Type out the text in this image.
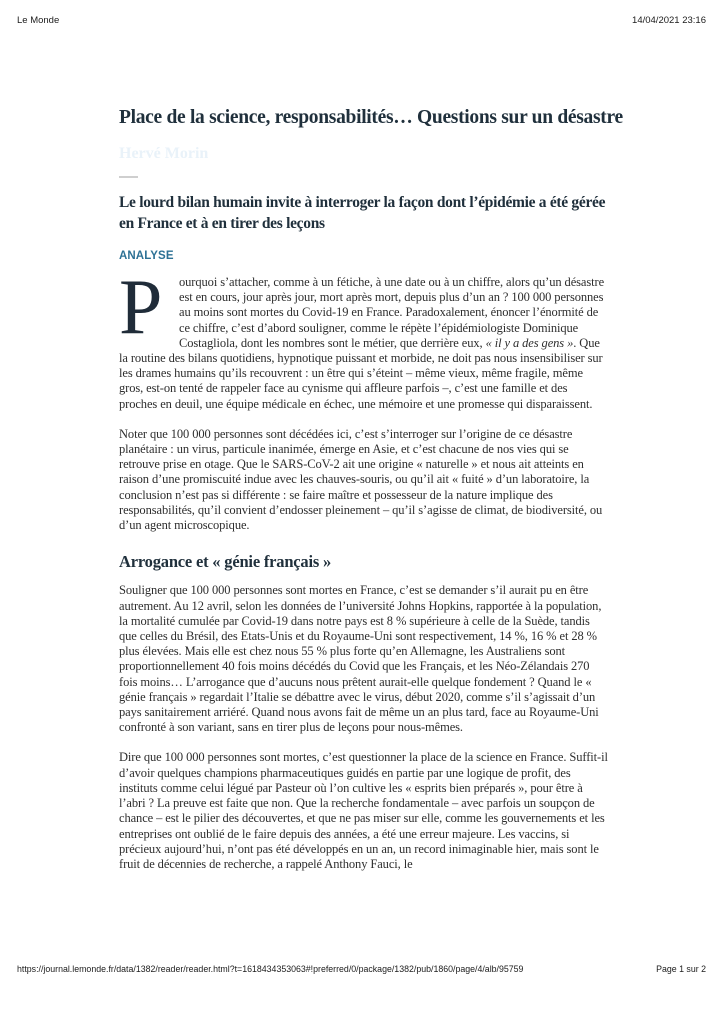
Le Monde	14/04/2021 23:16
Place de la science, responsabilités… Questions sur un désastre
Hervé Morin
Le lourd bilan humain invite à interroger la façon dont l’épidémie a été gérée en France et à en tirer des leçons
ANALYSE

P	ourquoi s’attacher, comme à un fétiche, à une date ou à un chiffre, alors qu’un désastre est en cours, jour après jour, mort après mort, depuis plus d’un an ? 100 000 personnes au moins sont mortes du Covid-19 en France. Paradoxalement, énoncer l’énormité de ce chiffre, c’est d’abord souligner, comme le répète l’épidémiologiste Dominique Costagliola, dont les nombres sont le métier, que derrière eux, « il y a des gens ». Que la routine des bilans quotidiens, hypnotique puissant et morbide, ne doit pas nous insensibiliser sur les drames humains qu’ils recouvrent : un être qui s’éteint – même vieux, même fragile, même gros, est-on tenté de rappeler face au cynisme qui affleure parfois –, c’est une famille et des proches en deuil, une équipe médicale en échec, une mémoire et une promesse qui disparaissent.

Noter que 100 000 personnes sont décédées ici, c’est s’interroger sur l’origine de ce désastre planétaire : un virus, particule inanimée, émerge en Asie, et c’est chacune de nos vies qui se retrouve prise en otage. Que le SARS-CoV-2 ait une origine « naturelle » et nous ait atteints en raison d’une promiscuité indue avec les chauves-souris, ou qu’il ait « fuité » d’un laboratoire, la conclusion n’est pas si différente : se faire maître et possesseur de la nature implique des responsabilités, qu’il convient d’endosser pleinement – qu’il s’agisse de climat, de biodiversité, ou d’un agent microscopique.

Arrogance et « génie français »

Souligner que 100 000 personnes sont mortes en France, c’est se demander s’il aurait pu en être autrement. Au 12 avril, selon les données de l’université Johns Hopkins, rapportée à la population, la mortalité cumulée par Covid-19 dans notre pays est 8 % supérieure à celle de la Suède, tandis que celles du Brésil, des Etats-Unis et du Royaume-Uni sont respectivement, 14 %, 16 % et 28 % plus élevées. Mais elle est chez nous 55 % plus forte qu’en Allemagne, les Australiens sont proportionnellement 40 fois moins décédés du Covid que les Français, et les Néo-Zélandais 270 fois moins… L’arrogance que d’aucuns nous prêtent aurait-elle quelque fondement ? Quand le « génie français » regardait l’Italie se débattre avec le virus, début 2020, comme s’il s’agissait d’un pays sanitairement arriéré. Quand nous avons fait de même un an plus tard, face au Royaume-Uni confronté à son variant, sans en tirer plus de leçons pour nous-mêmes.

Dire que 100 000 personnes sont mortes, c’est questionner la place de la science en France. Suffit-il d’avoir quelques champions pharmaceutiques guidés en partie par une logique de profit, des instituts comme celui légué par Pasteur où l’on cultive les « esprits bien préparés », pour être à l’abri ? La preuve est faite que non. Que la recherche fondamentale – avec parfois un soupçon de chance – est le pilier des découvertes, et que ne pas miser sur elle, comme les gouvernements et les entreprises ont oublié de le faire depuis des années, a été une erreur majeure. Les vaccins, si précieux aujourd’hui, n’ont pas été développés en un an, un record inimaginable hier, mais sont le fruit de décennies de recherche, a rappelé Anthony Fauci, le

https://journal.lemonde.fr/data/1382/reader/reader.html?t=1618434353063#!preferred/0/package/1382/pub/1860/page/4/alb/95759	Page 1 sur 2
